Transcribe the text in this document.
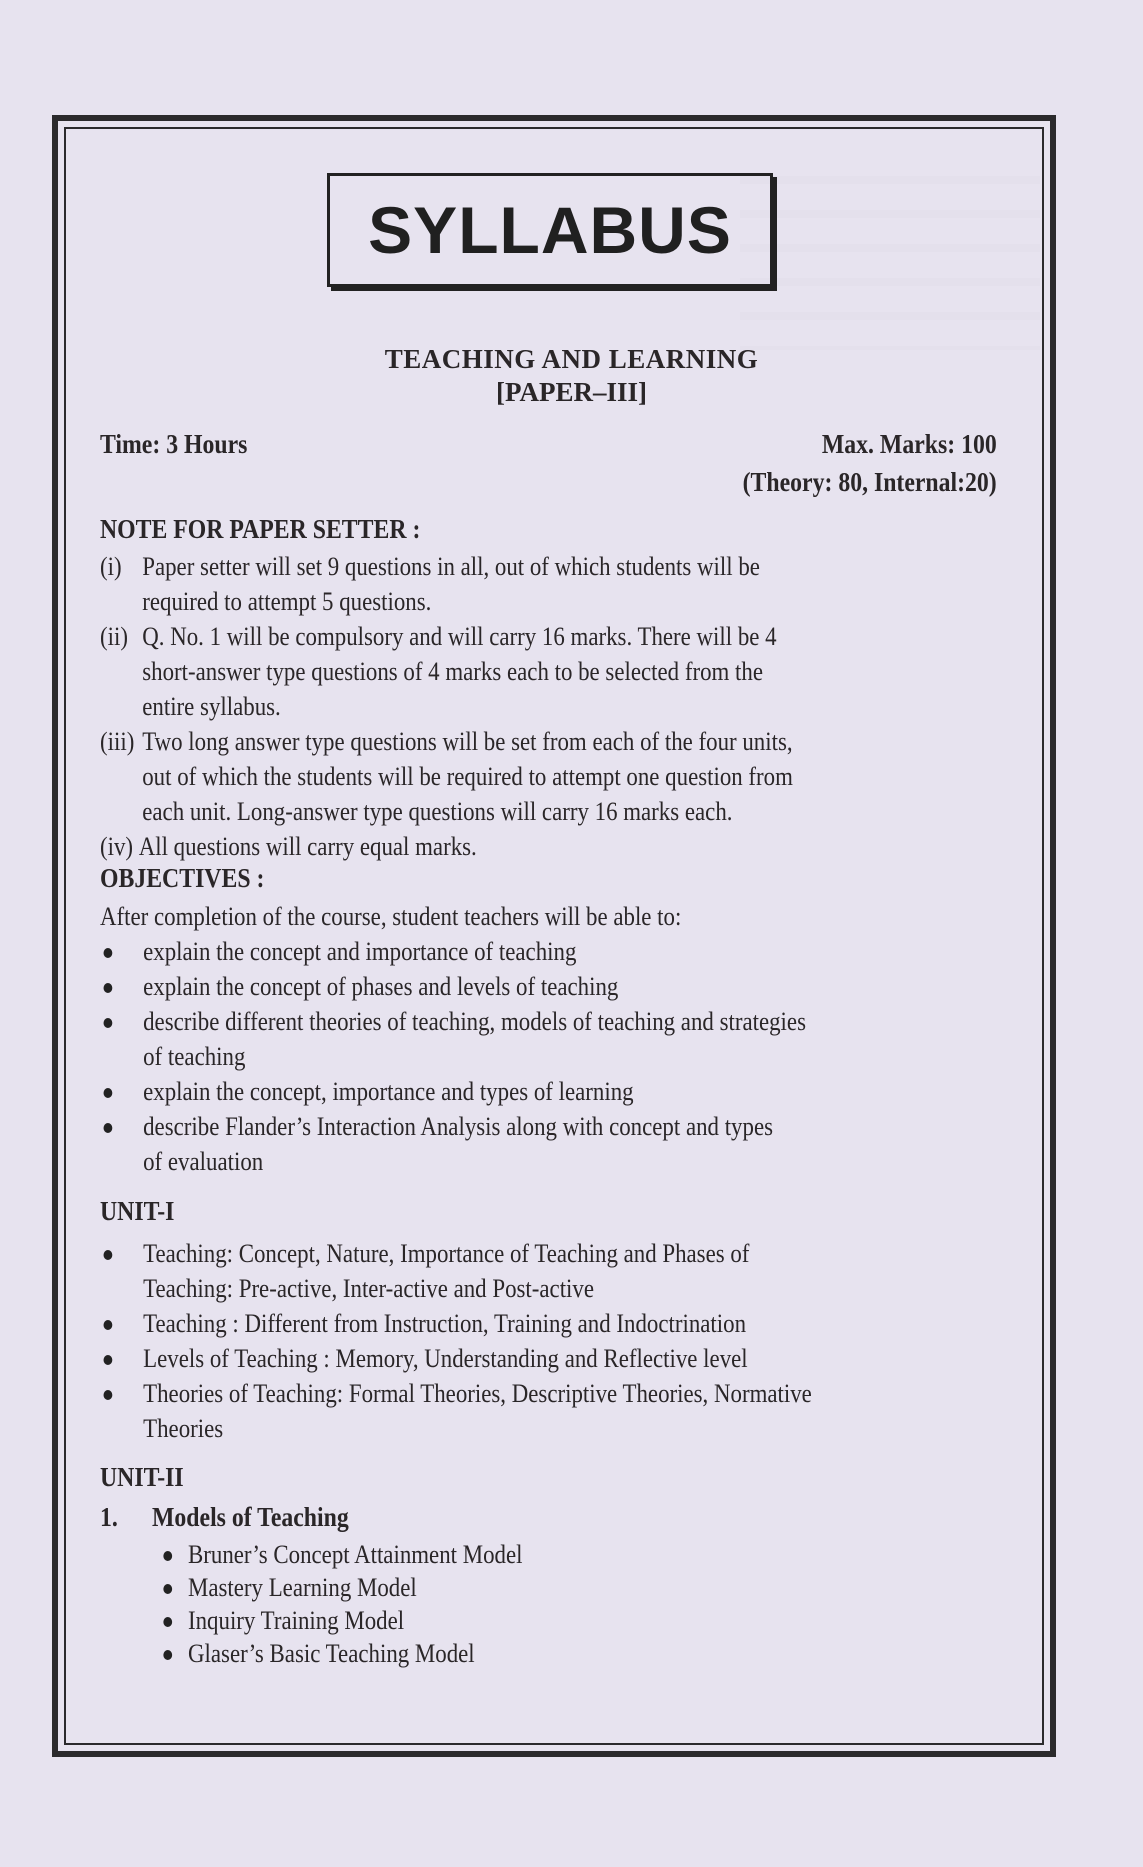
SYLLABUS
TEACHING AND LEARNING
[PAPER–III]
Time: 3 Hours	Max. Marks: 100
(Theory: 80, Internal:20)
NOTE FOR PAPER SETTER :
(i) Paper setter will set 9 questions in all, out of which students will be
required to attempt 5 questions.
(ii) Q. No. 1 will be compulsory and will carry 16 marks. There will be 4
short-answer type questions of 4 marks each to be selected from the
entire syllabus.
(iii) Two long answer type questions will be set from each of the four units,
out of which the students will be required to attempt one question from
each unit. Long-answer type questions will carry 16 marks each.
(iv) All questions will carry equal marks.
OBJECTIVES :
After completion of the course, student teachers will be able to:
explain the concept and importance of teaching
explain the concept of phases and levels of teaching
describe different theories of teaching, models of teaching and strategies
of teaching
explain the concept, importance and types of learning
describe Flander’s Interaction Analysis along with concept and types
of evaluation
UNIT-I
Teaching: Concept, Nature, Importance of Teaching and Phases of
Teaching: Pre-active, Inter-active and Post-active
Teaching : Different from Instruction, Training and Indoctrination
Levels of Teaching : Memory, Understanding and Reflective level
Theories of Teaching: Formal Theories, Descriptive Theories, Normative
Theories
UNIT-II
1. Models of Teaching
Bruner’s Concept Attainment Model
Mastery Learning Model
Inquiry Training Model
Glaser’s Basic Teaching Model
